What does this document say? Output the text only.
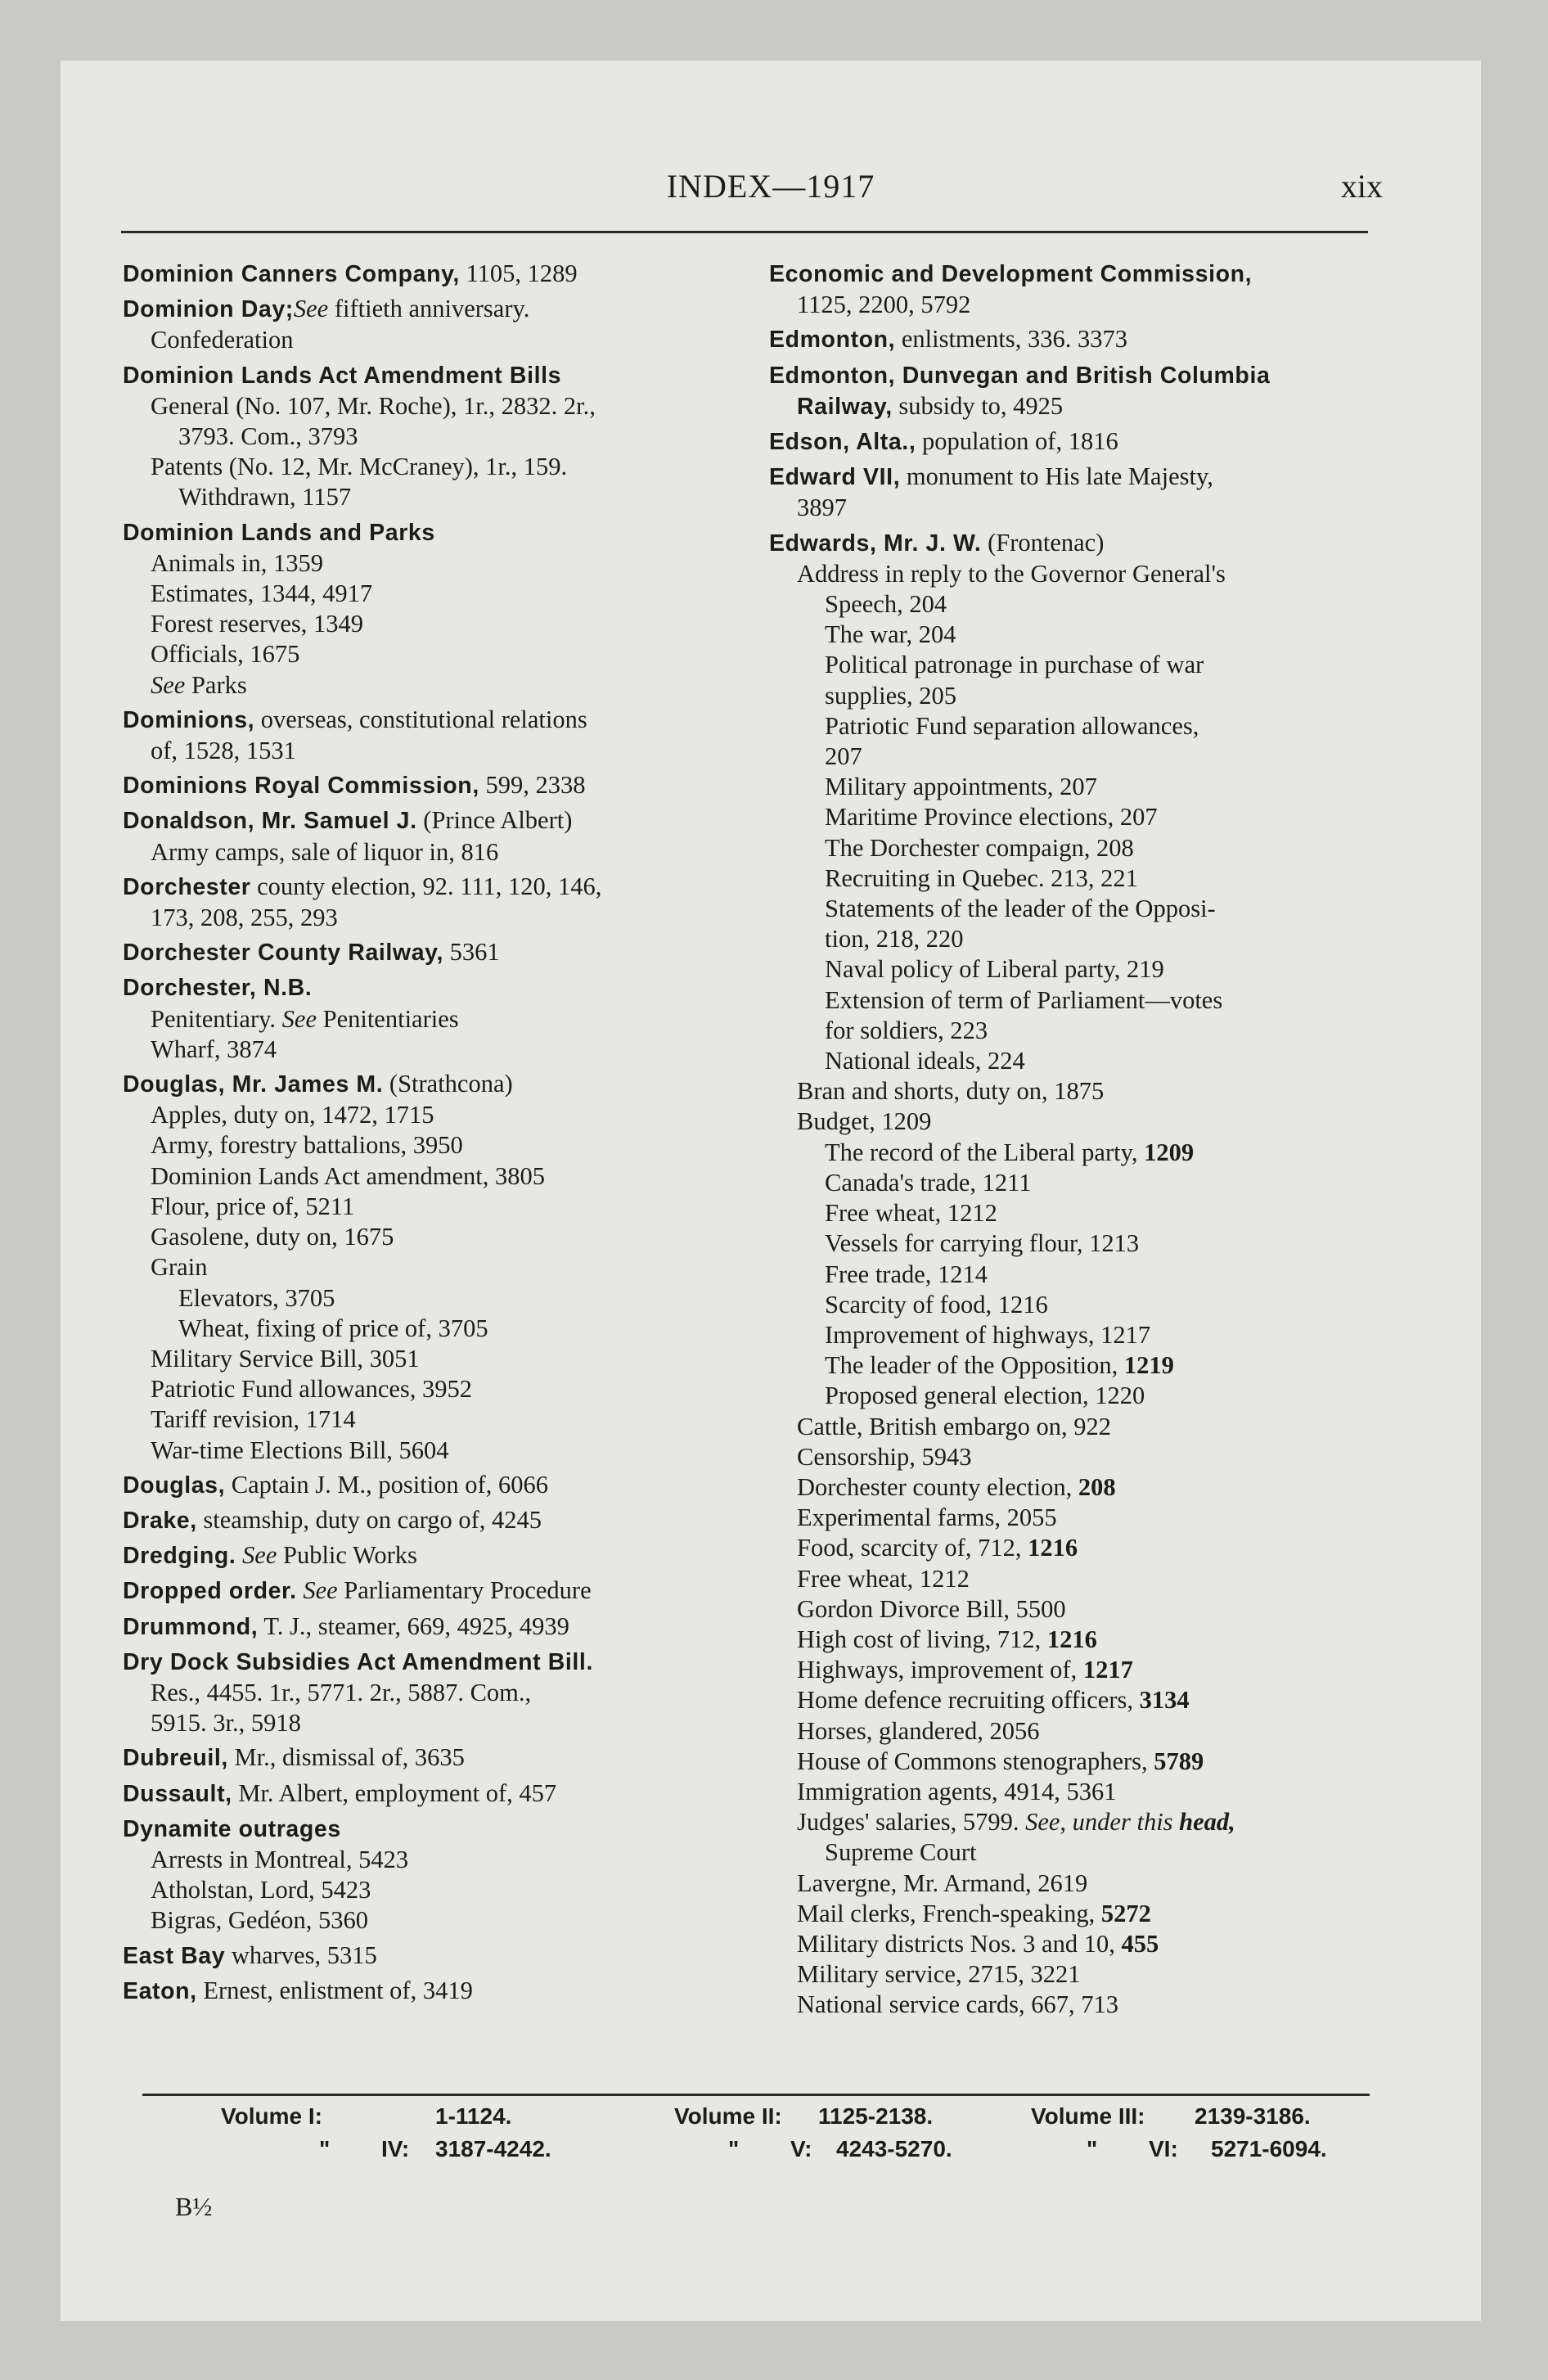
INDEX—1917	xix
Dominion Canners Company, 1105, 1289
Dominion Day;See fiftieth anniversary.
Confederation
Dominion Lands Act Amendment Bills
General (No. 107, Mr. Roche), 1r., 2832. 2r.,
3793. Com., 3793
Patents (No. 12, Mr. McCraney), 1r., 159.
Withdrawn, 1157
Dominion Lands and Parks
Animals in, 1359
Estimates, 1344, 4917
Forest reserves, 1349
Officials, 1675
See Parks
Dominions, overseas, constitutional relations
of, 1528, 1531
Dominions Royal Commission, 599, 2338
Donaldson, Mr. Samuel J. (Prince Albert)
Army camps, sale of liquor in, 816
Dorchester county election, 92. 111, 120, 146,
173, 208, 255, 293
Dorchester County Railway, 5361
Dorchester, N.B.
Penitentiary. See Penitentiaries
Wharf, 3874
Douglas, Mr. James M. (Strathcona)
Apples, duty on, 1472, 1715
Army, forestry battalions, 3950
Dominion Lands Act amendment, 3805
Flour, price of, 5211
Gasolene, duty on, 1675
Grain
Elevators, 3705
Wheat, fixing of price of, 3705
Military Service Bill, 3051
Patriotic Fund allowances, 3952
Tariff revision, 1714
War-time Elections Bill, 5604
Douglas, Captain J. M., position of, 6066
Drake, steamship, duty on cargo of, 4245
Dredging. See Public Works
Dropped order. See Parliamentary Procedure
Drummond, T. J., steamer, 669, 4925, 4939
Dry Dock Subsidies Act Amendment Bill.
Res., 4455. 1r., 5771. 2r., 5887. Com.,
5915. 3r., 5918
Dubreuil, Mr., dismissal of, 3635
Dussault, Mr. Albert, employment of, 457
Dynamite outrages
Arrests in Montreal, 5423
Atholstan, Lord, 5423
Bigras, Gedéon, 5360
East Bay wharves, 5315
Eaton, Ernest, enlistment of, 3419
Economic and Development Commission,
1125, 2200, 5792
Edmonton, enlistments, 336. 3373
Edmonton, Dunvegan and British Columbia
Railway, subsidy to, 4925
Edson, Alta., population of, 1816
Edward VII, monument to His late Majesty,
3897
Edwards, Mr. J. W. (Frontenac)
Address in reply to the Governor General's
Speech, 204
The war, 204
Political patronage in purchase of war
supplies, 205
Patriotic Fund separation allowances,
207
Military appointments, 207
Maritime Province elections, 207
The Dorchester compaign, 208
Recruiting in Quebec. 213, 221
Statements of the leader of the Opposi-
tion, 218, 220
Naval policy of Liberal party, 219
Extension of term of Parliament—votes
for soldiers, 223
National ideals, 224
Bran and shorts, duty on, 1875
Budget, 1209
The record of the Liberal party, 1209
Canada's trade, 1211
Free wheat, 1212
Vessels for carrying flour, 1213
Free trade, 1214
Scarcity of food, 1216
Improvement of highways, 1217
The leader of the Opposition, 1219
Proposed general election, 1220
Cattle, British embargo on, 922
Censorship, 5943
Dorchester county election, 208
Experimental farms, 2055
Food, scarcity of, 712, 1216
Free wheat, 1212
Gordon Divorce Bill, 5500
High cost of living, 712, 1216
Highways, improvement of, 1217
Home defence recruiting officers, 3134
Horses, glandered, 2056
House of Commons stenographers, 5789
Immigration agents, 4914, 5361
Judges' salaries, 5799. See, under this head,
Supreme Court
Lavergne, Mr. Armand, 2619
Mail clerks, French-speaking, 5272
Military districts Nos. 3 and 10, 455
Military service, 2715, 3221
National service cards, 667, 713
Volume I:	1-1124.	Volume II: 1125-2138.	Volume III: 2139-3186.
" IV: 3187-4242.	" V: 4243-5270.	" VI: 5271-6094.
B½
